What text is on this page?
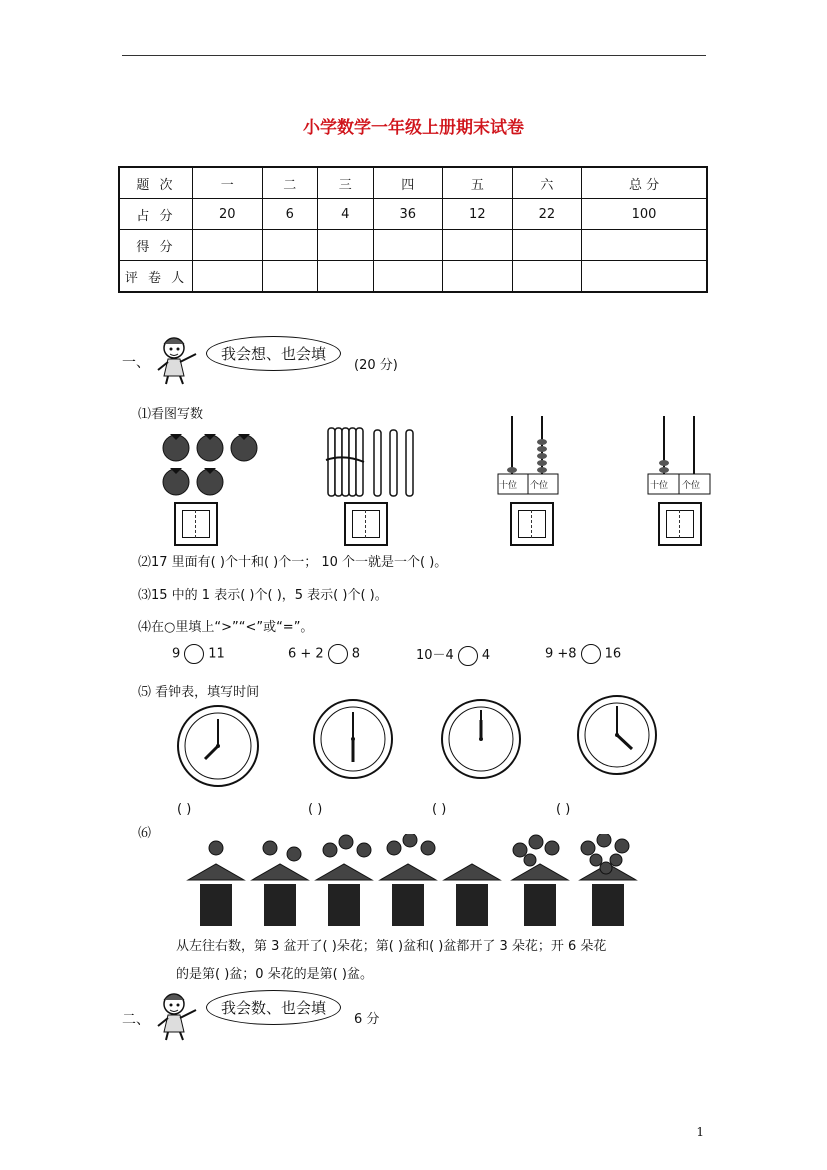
小学数学一年级上册期末试卷
题 次	一	二	三	四	五	六	总 分
占 分	20	6	4	36	12	22	100
得 分							
评 卷 人							
一、	我会想、也会填
(20 分)
⑴看图写数
十位 个位	十位 个位
⑵17 里面有( )个十和( )个一； 10 个一就是一个( )。
⑶15 中的 1 表示( )个( )，5 表示( )个( )。
⑷在○里填上“>”“<”或“=”。
9 11	6 + 2 8	10－4 4	9 +8 16
⑸ 看钟表，填写时间
( )	( )	( )	( )
⑹
从左往右数，第 3 盆开了( )朵花；第( )盆和( )盆都开了 3 朵花；开 6 朵花
的是第( )盆；0 朵花的是第( )盆。
二、
我会数、也会填
6 分
1
